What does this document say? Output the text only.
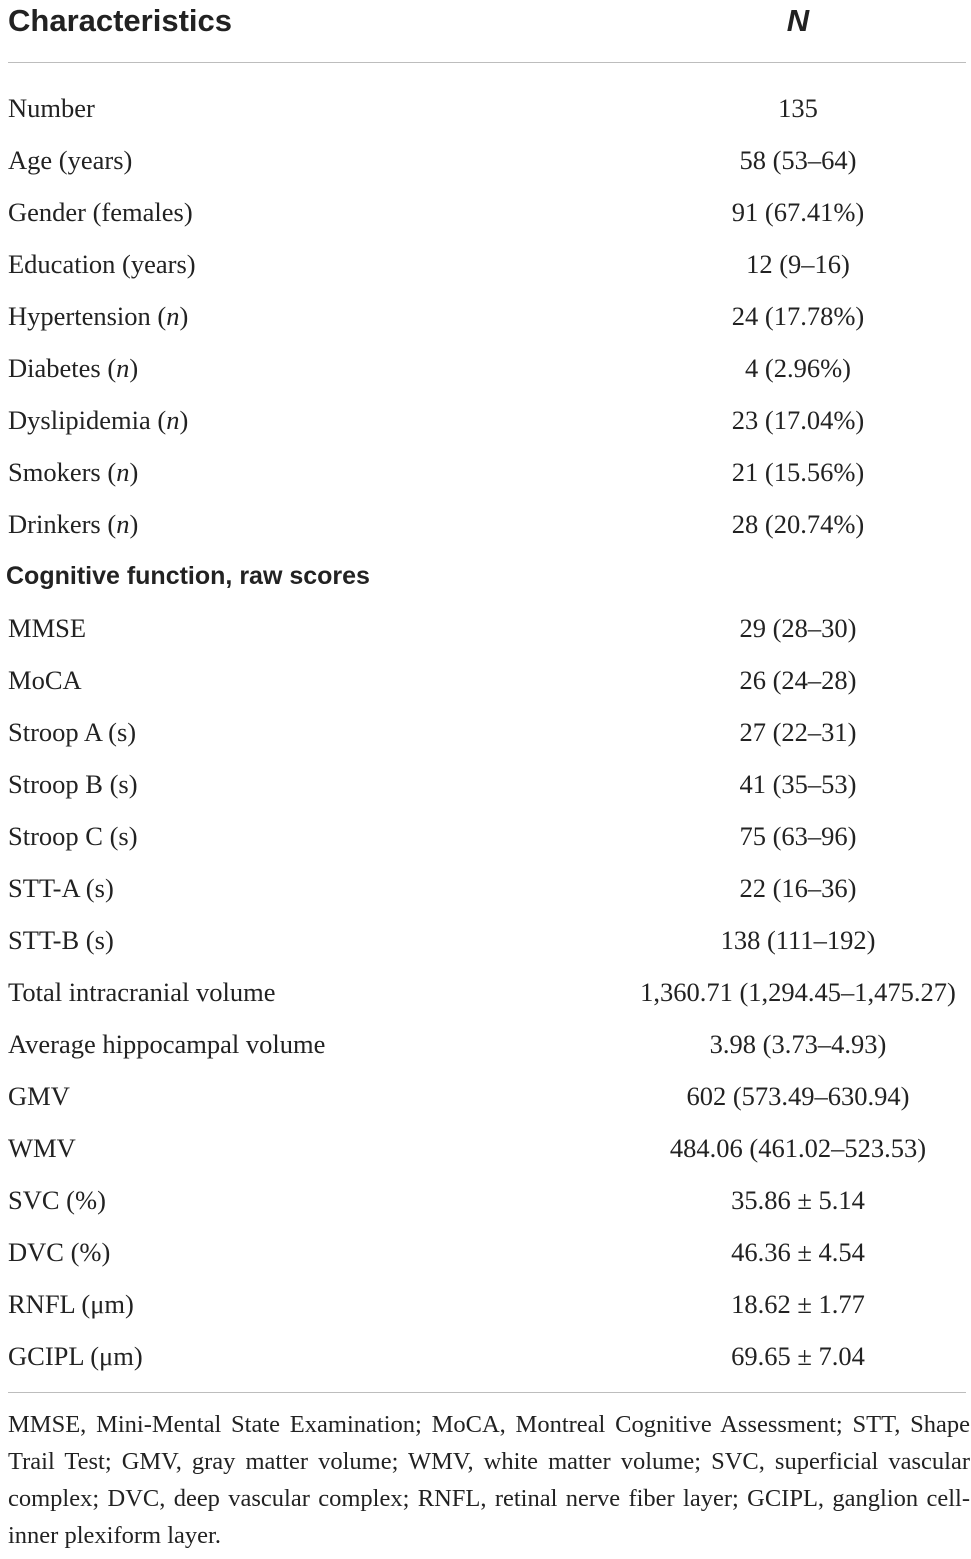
Characteristics	N
Number	135
Age (years)	58 (53–64)
Gender (females)	91 (67.41%)
Education (years)	12 (9–16)
Hypertension (n)	24 (17.78%)
Diabetes (n)	4 (2.96%)
Dyslipidemia (n)	23 (17.04%)
Smokers (n)	21 (15.56%)
Drinkers (n)	28 (20.74%)
Cognitive function, raw scores
MMSE	29 (28–30)
MoCA	26 (24–28)
Stroop A (s)	27 (22–31)
Stroop B (s)	41 (35–53)
Stroop C (s)	75 (63–96)
STT-A (s)	22 (16–36)
STT-B (s)	138 (111–192)
Total intracranial volume	1,360.71 (1,294.45–1,475.27)
Average hippocampal volume	3.98 (3.73–4.93)
GMV	602 (573.49–630.94)
WMV	484.06 (461.02–523.53)
SVC (%)	35.86 ± 5.14
DVC (%)	46.36 ± 4.54
RNFL (μm)	18.62 ± 1.77
GCIPL (μm)	69.65 ± 7.04
MMSE, Mini-Mental State Examination; MoCA, Montreal Cognitive Assessment; STT, Shape Trail Test; GMV, gray matter volume; WMV, white matter volume; SVC, superficial vascular complex; DVC, deep vascular complex; RNFL, retinal nerve fiber layer; GCIPL, ganglion cell-inner plexiform layer.
